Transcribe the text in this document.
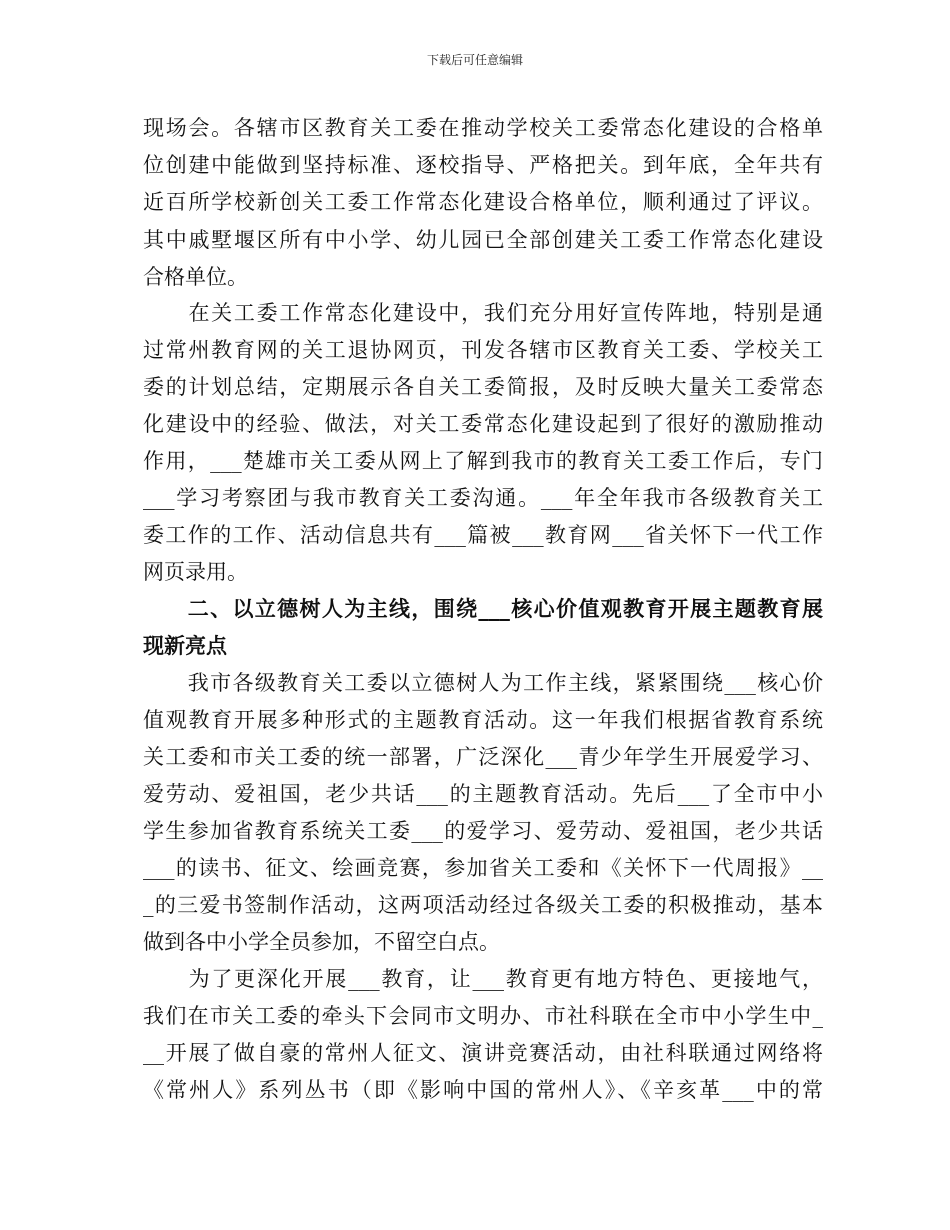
下载后可任意编辑
现场会。各辖市区教育关工委在推动学校关工委常态化建设的合格单
位创建中能做到坚持标准、逐校指导、严格把关。到年底，全年共有
近百所学校新创关工委工作常态化建设合格单位，顺利通过了评议。
其中戚墅堰区所有中小学、幼儿园已全部创建关工委工作常态化建设
合格单位。
　　在关工委工作常态化建设中，我们充分用好宣传阵地，特别是通
过常州教育网的关工退协网页，刊发各辖市区教育关工委、学校关工
委的计划总结，定期展示各自关工委简报，及时反映大量关工委常态
化建设中的经验、做法，对关工委常态化建设起到了很好的激励推动
作用，___楚雄市关工委从网上了解到我市的教育关工委工作后，专门
___学习考察团与我市教育关工委沟通。___年全年我市各级教育关工
委工作的工作、活动信息共有___篇被___教育网___省关怀下一代工作
网页录用。
　　二、以立德树人为主线，围绕___核心价值观教育开展主题教育展
现新亮点
　　我市各级教育关工委以立德树人为工作主线，紧紧围绕___核心价
值观教育开展多种形式的主题教育活动。这一年我们根据省教育系统
关工委和市关工委的统一部署，广泛深化___青少年学生开展爱学习、
爱劳动、爱祖国，老少共话___的主题教育活动。先后___了全市中小
学生参加省教育系统关工委___的爱学习、爱劳动、爱祖国，老少共话
___的读书、征文、绘画竞赛，参加省关工委和《关怀下一代周报》__
_的三爱书签制作活动，这两项活动经过各级关工委的积极推动，基本
做到各中小学全员参加，不留空白点。
　　为了更深化开展___教育，让___教育更有地方特色、更接地气，
我们在市关工委的牵头下会同市文明办、市社科联在全市中小学生中_
__开展了做自豪的常州人征文、演讲竞赛活动，由社科联通过网络将
《常州人》系列丛书（即《影响中国的常州人》、《辛亥革___中的常
